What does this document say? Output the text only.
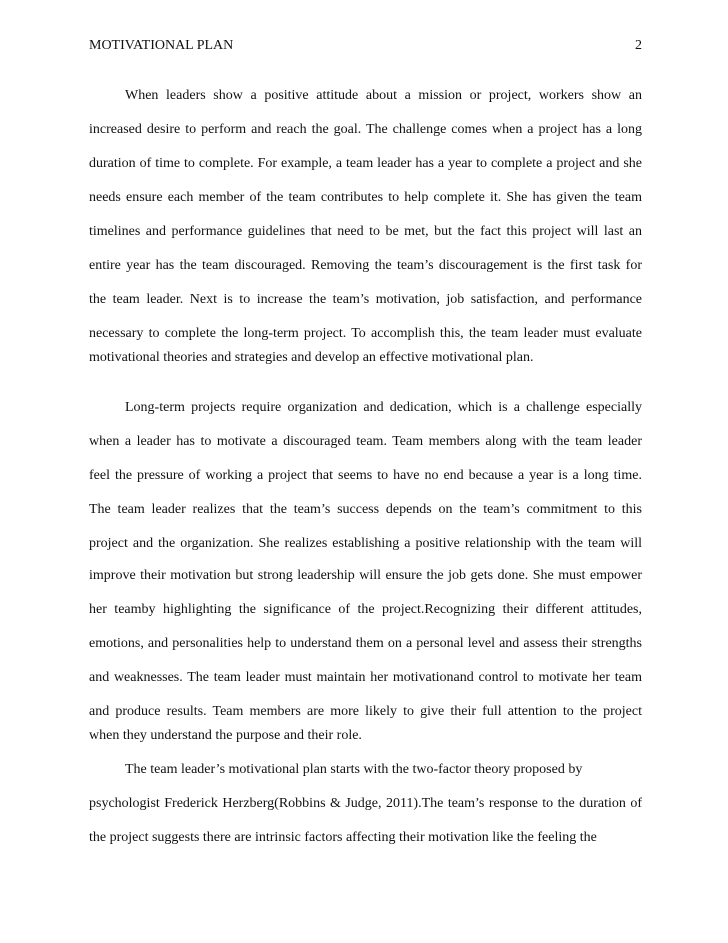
MOTIVATIONAL PLAN	2
When leaders show a positive attitude about a mission or project, workers show an
increased desire to perform and reach the goal. The challenge comes when a project has a long
duration of time to complete. For example, a team leader has a year to complete a project and she
needs ensure each member of the team contributes to help complete it. She has given the team
timelines and performance guidelines that need to be met, but the fact this project will last an
entire year has the team discouraged. Removing the team’s discouragement is the first task for
the team leader. Next is to increase the team’s motivation, job satisfaction, and performance
necessary to complete the long-term project. To accomplish this, the team leader must evaluate
motivational theories and strategies and develop an effective motivational plan.
Long-term projects require organization and dedication, which is a challenge especially
when a leader has to motivate a discouraged team. Team members along with the team leader
feel the pressure of working a project that seems to have no end because a year is a long time.
The team leader realizes that the team’s success depends on the team’s commitment to this
project and the organization. She realizes establishing a positive relationship with the team will
improve their motivation but strong leadership will ensure the job gets done. She must empower
her teamby highlighting the significance of the project.Recognizing their different attitudes,
emotions, and personalities help to understand them on a personal level and assess their strengths
and weaknesses. The team leader must maintain her motivationand control to motivate her team
and produce results. Team members are more likely to give their full attention to the project
when they understand the purpose and their role.
The team leader’s motivational plan starts with the two-factor theory proposed by
psychologist Frederick Herzberg(Robbins & Judge, 2011).The team’s response to the duration of
the project suggests there are intrinsic factors affecting their motivation like the feeling the
